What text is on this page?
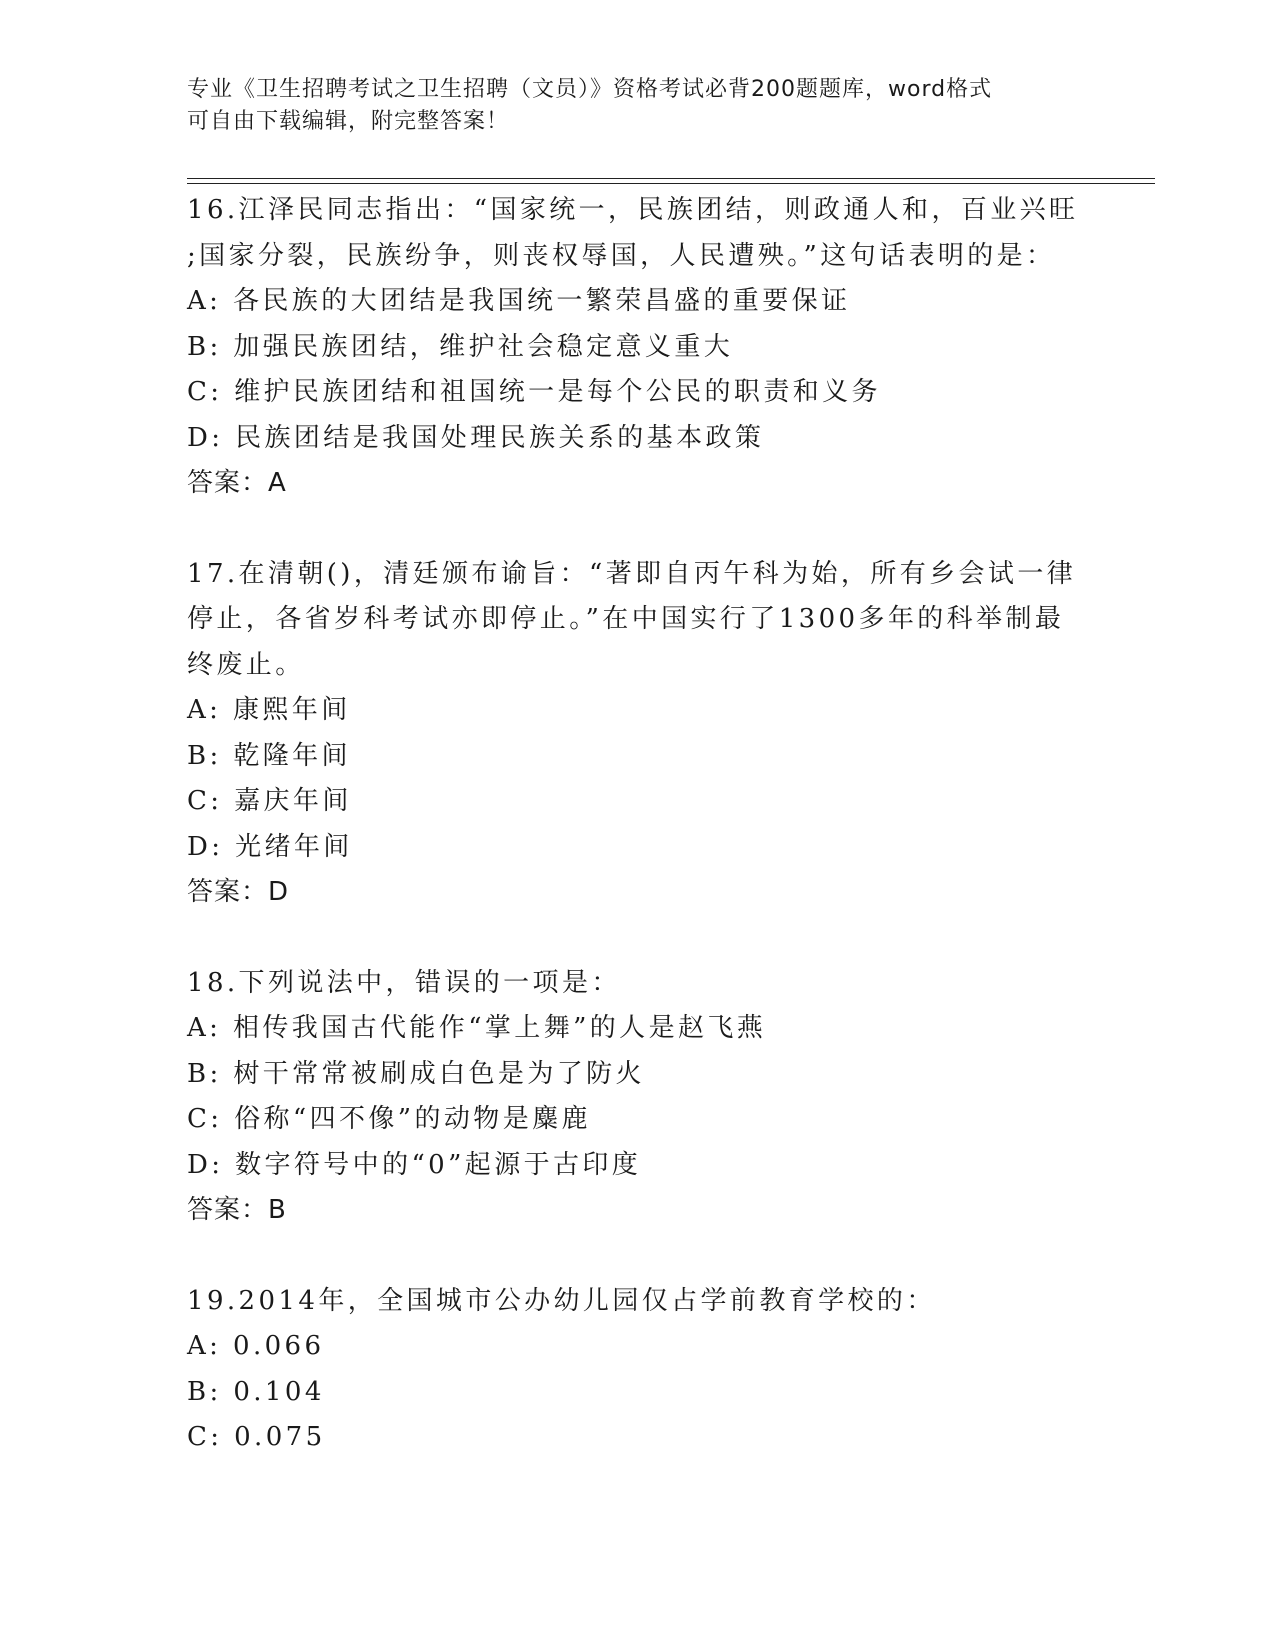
专业《卫生招聘考试之卫生招聘（文员）》资格考试必背200题题库，word格式

可自由下载编辑，附完整答案！

16.江泽民同志指出：“国家统一，民族团结，则政通人和，百业兴旺

;国家分裂，民族纷争，则丧权辱国，人民遭殃。”这句话表明的是：

A: 各民族的大团结是我国统一繁荣昌盛的重要保证

B: 加强民族团结，维护社会稳定意义重大

C: 维护民族团结和祖国统一是每个公民的职责和义务

D: 民族团结是我国处理民族关系的基本政策

答案：A

17.在清朝()，清廷颁布谕旨：“著即自丙午科为始，所有乡会试一律

停止，各省岁科考试亦即停止。”在中国实行了1300多年的科举制最

终废止。

A: 康熙年间

B: 乾隆年间

C: 嘉庆年间

D: 光绪年间

答案：D

18.下列说法中，错误的一项是：

A: 相传我国古代能作“掌上舞”的人是赵飞燕

B: 树干常常被刷成白色是为了防火

C: 俗称“四不像”的动物是麋鹿

D: 数字符号中的“0”起源于古印度

答案：B

19.2014年，全国城市公办幼儿园仅占学前教育学校的：

A: 0.066

B: 0.104

C: 0.075
